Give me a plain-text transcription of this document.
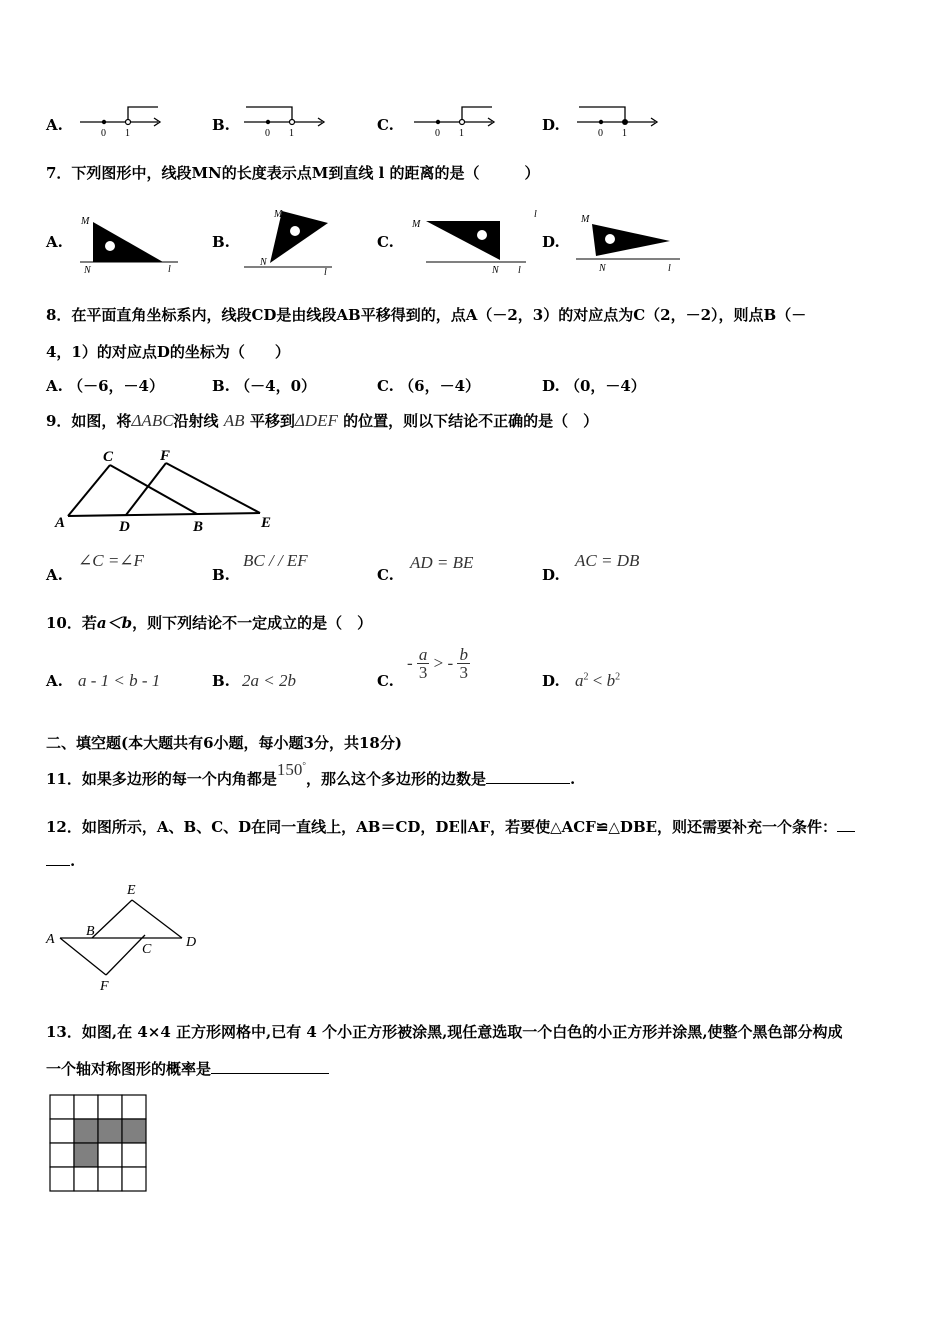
A.	0 1	B.	0 1	C.	0 1	D.	0 1
7．下列图形中，线段MN的长度表示点M到直线 l 的距离的是（　　　）
A.
M
N	l
B.
M
N
l
C.
M
N
l
l
D.
M
N	l
8．在平面直角坐标系内，线段CD是由线段AB平移得到的，点A（－2，3）的对应点为C（2，－2），则点B（－
4，1）的对应点D的坐标为（　　）
A. （－6，－4）	B. （－4，0）	C. （6，－4）	D. （0，－4）
9．如图，将ΔABC沿射线 AB 平移到ΔDEF 的位置，则以下结论不正确的是（　）
A	D	B	E
C	F
A.
∠C =∠F
B.
BC / / EF
C.
AD = BE
D.
AC = DB
10．若a＜b，则下列结论不一定成立的是（　）
A. a - 1 < b - 1	B. 2a < 2b	C.
- $\frac{a}{3}$ > - $\frac{b}{3}$	D. $a^2 < b^2$
二、填空题(本大题共有6小题，每小题3分，共18分)
11．如果多边形的每一个内角都是150°，那么这个多边形的边数是	.
12．如图所示，A、B、C、D在同一直线上，AB＝CD，DE∥AF，若要使△ACF≌△DBE，则还需要补充一个条件：
.
A
B
C D
E
F
13．如图,在 4×4 正方形网格中,已有 4 个小正方形被涂黑,现任意选取一个白色的小正方形并涂黑,使整个黑色部分构成
一个轴对称图形的概率是
